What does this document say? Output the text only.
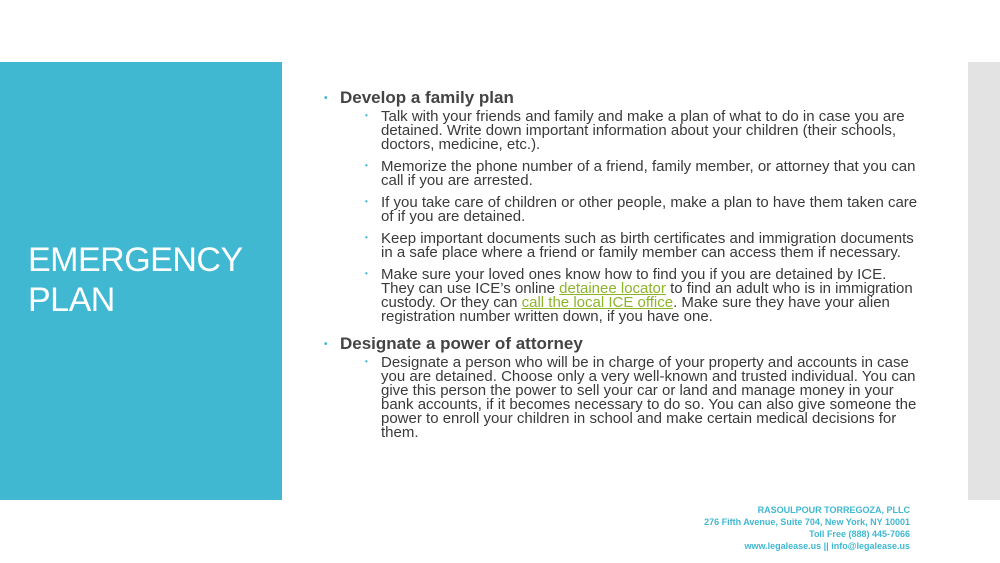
EMERGENCY
PLAN
• Develop a family plan
• Talk with your friends and family and make a plan of what to do in case you are detained. Write down important information about your children (their schools, doctors, medicine, etc.).
• Memorize the phone number of a friend, family member, or attorney that you can call if you are arrested.
• If you take care of children or other people, make a plan to have them taken care of if you are detained.
• Keep important documents such as birth certificates and immigration documents in a safe place where a friend or family member can access them if necessary.
• Make sure your loved ones know how to find you if you are detained by ICE. They can use ICE’s online detainee locator to find an adult who is in immigration custody. Or they can call the local ICE office. Make sure they have your alien registration number written down, if you have one.
• Designate a power of attorney
• Designate a person who will be in charge of your property and accounts in case you are detained. Choose only a very well-known and trusted individual. You can give this person the power to sell your car or land and manage money in your bank accounts, if it becomes necessary to do so. You can also give someone the power to enroll your children in school and make certain medical decisions for them.
RASOULPOUR TORREGOZA, PLLC
276 Fifth Avenue, Suite 704, New York, NY 10001
Toll Free (888) 445-7066
www.legalease.us || info@legalease.us
